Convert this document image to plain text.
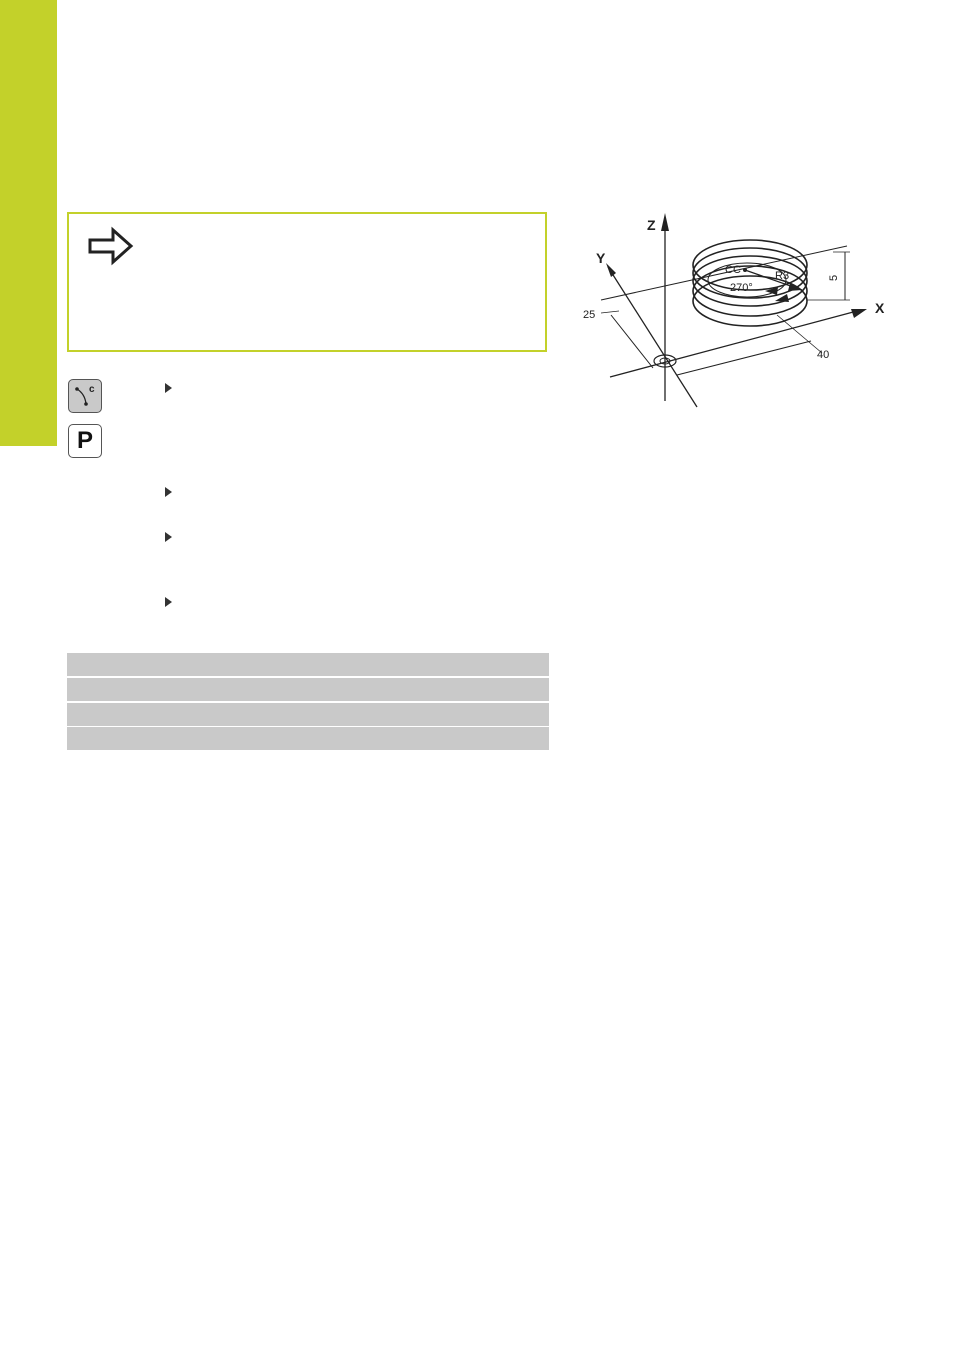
c
P
Z
Y
X
25
40
5
CC	R3
270°
